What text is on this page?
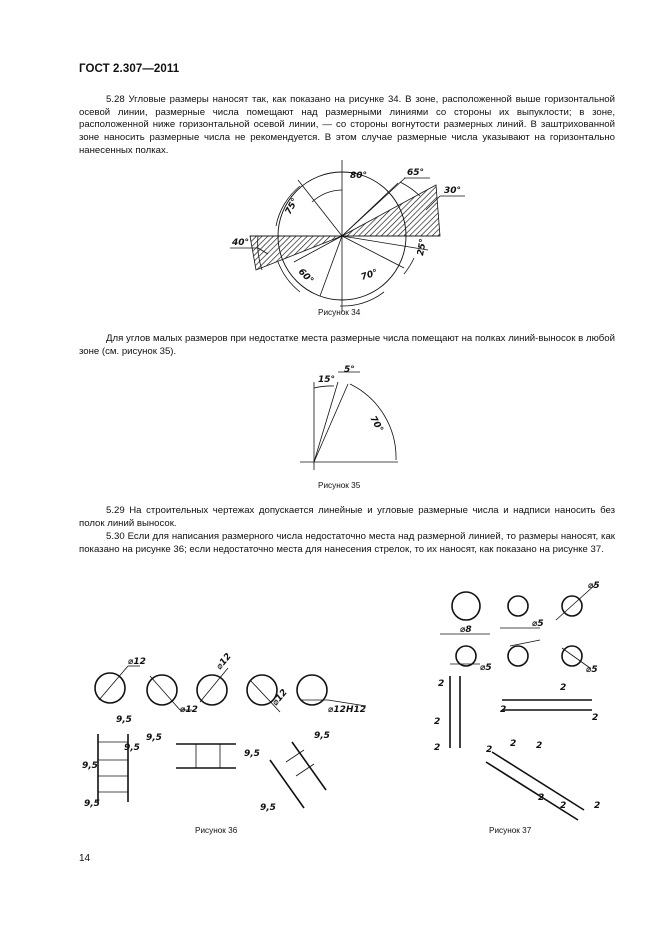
ГОСТ 2.307—2011
5.28 Угловые размеры наносят так, как показано на рисунке 34. В зоне, расположенной выше горизонтальной осевой линии, размерные числа помещают над размерными линиями со стороны их выпуклости; в зоне, расположенной ниже горизонтальной осевой линии, — со стороны вогнутости размерных линий. В заштрихованной зоне наносить размерные числа не рекомендуется. В этом случае размерные числа указывают на горизонтально нанесенных полках.
80°	65°
30°
75°
40°	25°
60°	70°
Рисунок 34
Для углов малых размеров при недостатке места размерные числа помещают на полках линий-выносок в любой зоне (см. рисунок 35).
15°
5°
70°
Рисунок 35
5.29 На строительных чертежах допускается линейные и угловые размерные числа и надписи наносить без полок линий выносок.
5.30 Если для написания размерного числа недостаточно места над размерной линией, то размеры наносят, как показано на рисунке 36; если недостаточно места для нанесения стрелок, то их наносят, как показано на рисунке 37.
⌀12
⌀12
⌀12
⌀12
⌀12H12
9,5
9,5
9,5
9,5
9,5
9,5
9,5
9,5
Рисунок 36
⌀5
⌀8
⌀5
⌀5	⌀5
2
2
2
2
2
2
2
2 2
2
2	2
Рисунок 37
14
